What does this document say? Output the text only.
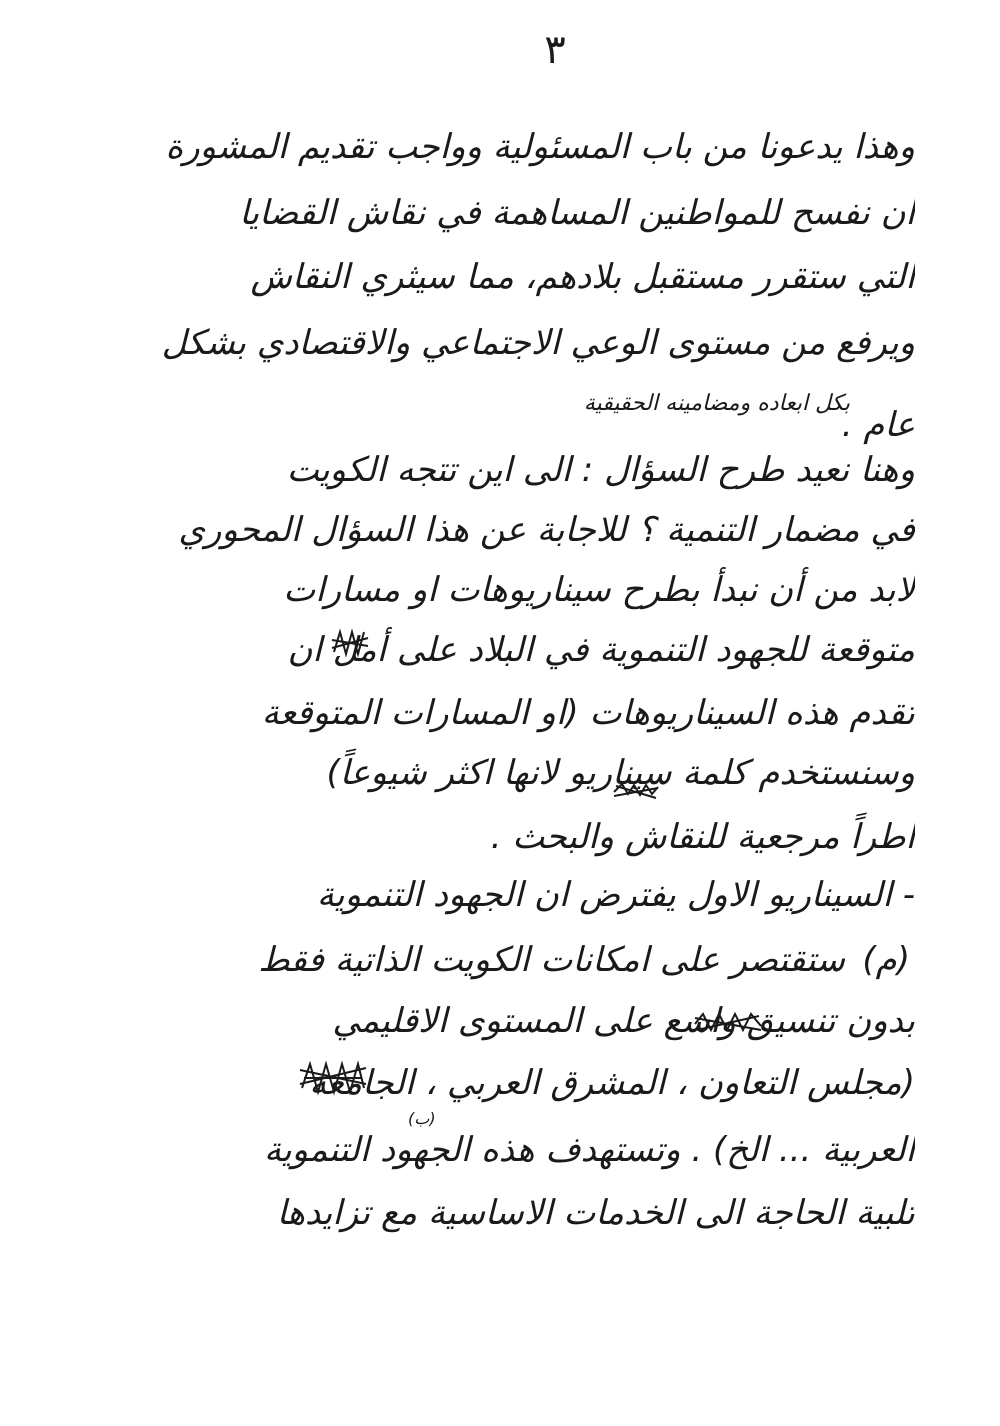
٣
وهذا يدعونا من باب المسئولية وواجب تقديم المشورة
ان نفسح للمواطنين المساهمة في نقاش القضايا
التي ستقرر مستقبل بلادهم، مما سيثري النقاش
ويرفع من مستوى الوعي الاجتماعي والاقتصادي بشكل
بكل ابعاده ومضامينه الحقيقية
عام .
وهنا نعيد طرح السؤال : الى اين تتجه الكويت
في مضمار التنمية ؟ للاجابة عن هذا السؤال المحوري
لابد من أن نبدأ بطرح سيناريوهات او مسارات
متوقعة للجهود التنموية في البلاد على أمل ان
تقدم هذه السيناريوهات (او المسارات المتوقعة
وسنستخدم كلمة سيناريو لانها اكثر شيوعاً)
اطراً مرجعية للنقاش والبحث .
- السيناريو الاول يفترض ان الجهود التنموية
(م)
ستقتصر على امكانات الكويت الذاتية فقط
بدون تنسيق واسع على المستوى الاقليمي
(مجلس التعاون ، المشرق العربي ، الجامعة
(ب)
العربية ... الخ) . وتستهدف هذه الجهود التنموية
تلبية الحاجة الى الخدمات الاساسية مع تزايدها
